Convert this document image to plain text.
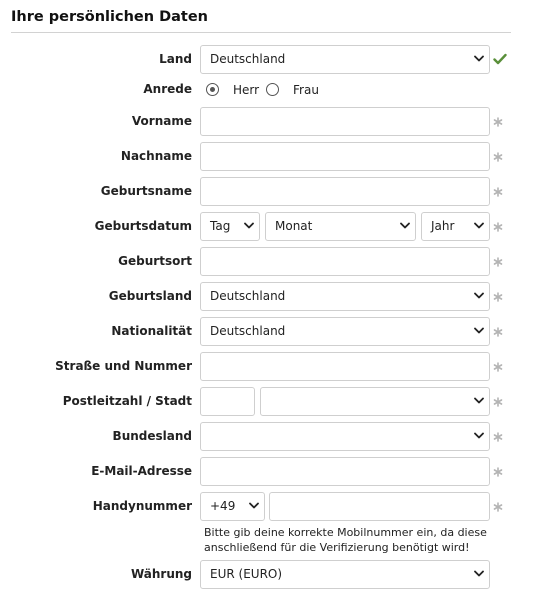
Ihre persönlichen Daten
Land Deutschland
Anrede	Herr	Frau
Vorname
Nachname
Geburtsname
Geburtsdatum Tag	Monat	Jahr
Geburtsort
Geburtsland Deutschland
Nationalität Deutschland
Straße und Nummer
Postleitzahl / Stadt
Bundesland
E-Mail-Adresse
Handynummer +49
Bitte gib deine korrekte Mobilnummer ein, da diese anschließend für die Verifizierung benötigt wird!
Währung EUR (EURO)
